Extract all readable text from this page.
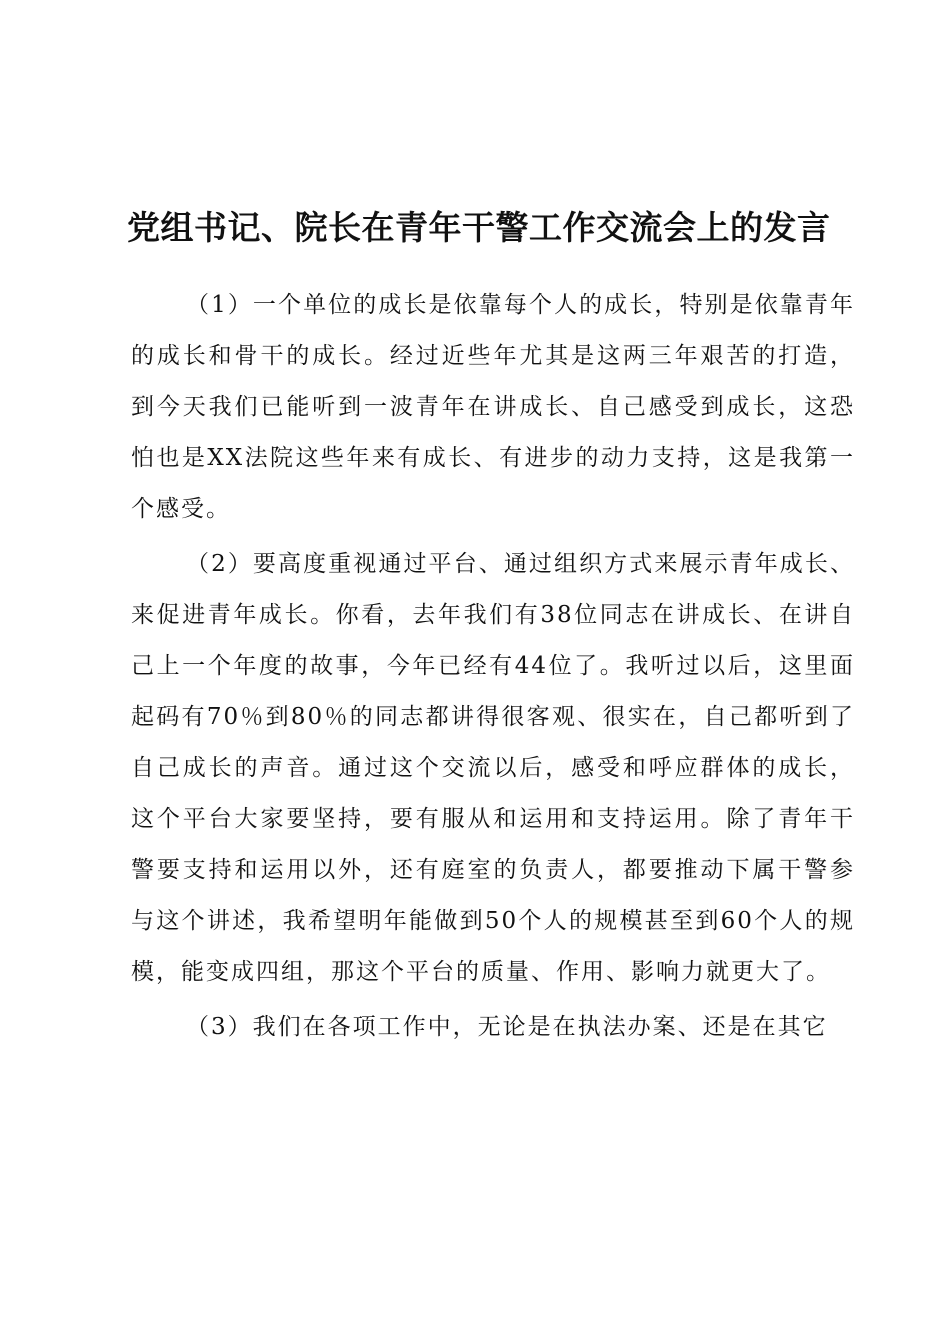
党组书记、院长在青年干警工作交流会上的发言

（1）一个单位的成长是依靠每个人的成长，特别是依靠青年的成长和骨干的成长。经过近些年尤其是这两三年艰苦的打造，到今天我们已能听到一波青年在讲成长、自己感受到成长，这恐怕也是XX法院这些年来有成长、有进步的动力支持，这是我第一个感受。

（2）要高度重视通过平台、通过组织方式来展示青年成长、来促进青年成长。你看，去年我们有38位同志在讲成长、在讲自己上一个年度的故事，今年已经有44位了。我听过以后，这里面起码有70％到80％的同志都讲得很客观、很实在，自己都听到了自己成长的声音。通过这个交流以后，感受和呼应群体的成长，这个平台大家要坚持，要有服从和运用和支持运用。除了青年干警要支持和运用以外，还有庭室的负责人，都要推动下属干警参与这个讲述，我希望明年能做到50个人的规模甚至到60个人的规模，能变成四组，那这个平台的质量、作用、影响力就更大了。

（3）我们在各项工作中，无论是在执法办案、还是在其它
